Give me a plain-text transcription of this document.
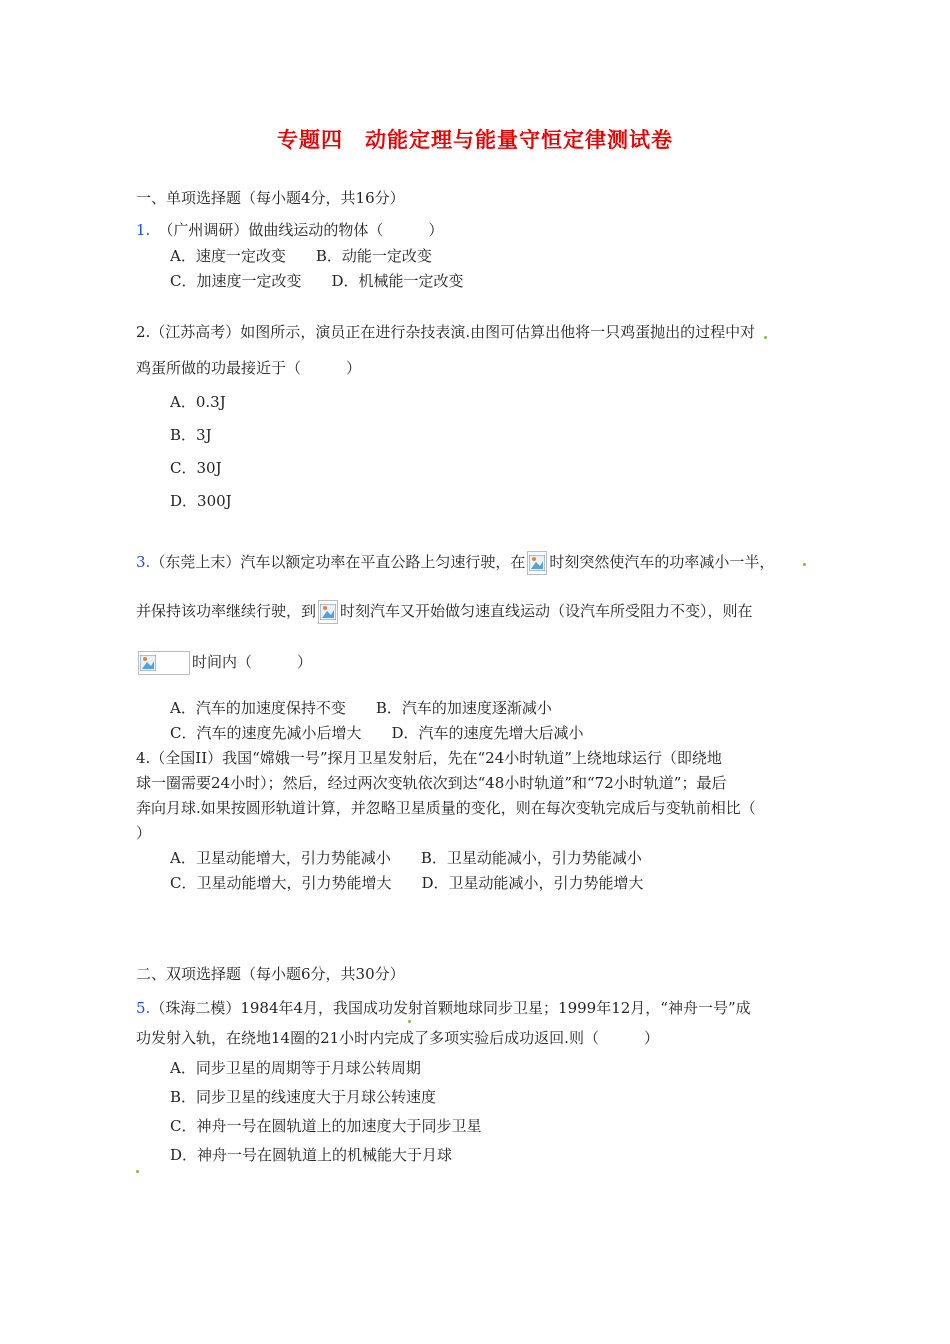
专题四　动能定理与能量守恒定律测试卷
一、单项选择题（每小题4分，共16分）
1. （广州调研）做曲线运动的物体（　　　）
A．速度一定改变　　B．动能一定改变
C．加速度一定改变　　D．机械能一定改变
2.（江苏高考）如图所示，演员正在进行杂技表演.由图可估算出他将一只鸡蛋抛出的过程中对
鸡蛋所做的功最接近于（　　　）
A．0.3J
B．3J
C．30J
D．300J
3.（东莞上末）汽车以额定功率在平直公路上匀速行驶，在 时刻突然使汽车的功率减小一半，
并保持该功率继续行驶，到 时刻汽车又开始做匀速直线运动（设汽车所受阻力不变），则在
时间内（　　　）
A．汽车的加速度保持不变　　B．汽车的加速度逐渐减小
C．汽车的速度先减小后增大　　D．汽车的速度先增大后减小
4.（全国II）我国“嫦娥一号”探月卫星发射后，先在“24小时轨道”上绕地球运行（即绕地
球一圈需要24小时）；然后，经过两次变轨依次到达“48小时轨道”和“72小时轨道”；最后
奔向月球.如果按圆形轨道计算，并忽略卫星质量的变化，则在每次变轨完成后与变轨前相比（
）
A．卫星动能增大，引力势能减小　　B．卫星动能减小，引力势能减小
C．卫星动能增大，引力势能增大　　D．卫星动能减小，引力势能增大
二、双项选择题（每小题6分，共30分）
5.（珠海二模）1984年4月，我国成功发射首颗地球同步卫星；1999年12月，“神舟一号”成
功发射入轨，在绕地14圈的21小时内完成了多项实验后成功返回.则（　　　）
A．同步卫星的周期等于月球公转周期
B．同步卫星的线速度大于月球公转速度
C．神舟一号在圆轨道上的加速度大于同步卫星
D．神舟一号在圆轨道上的机械能大于月球
